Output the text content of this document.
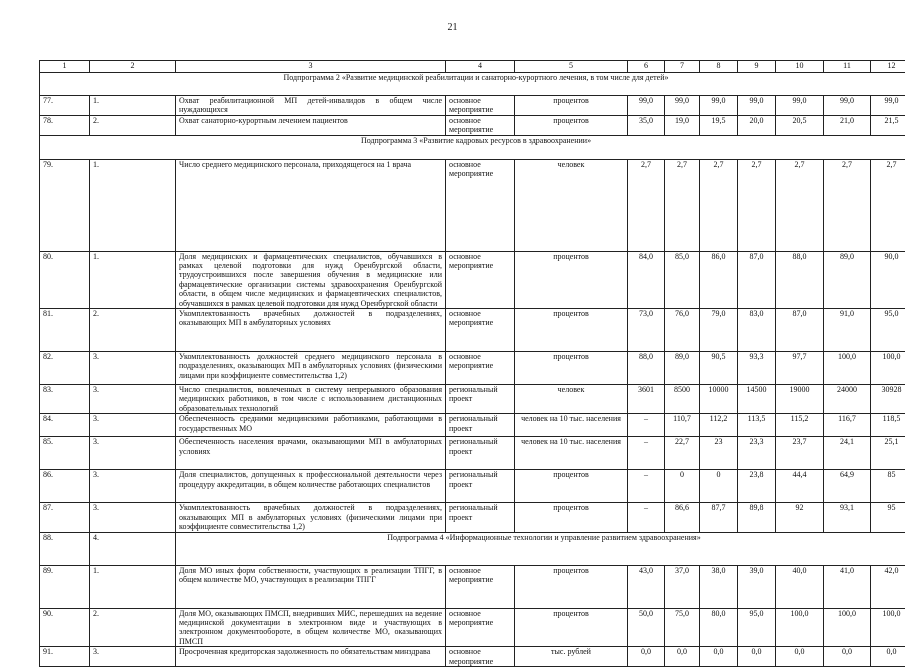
21
1	2	3	4	5	6	7	8	9	10	11	12
Подпрограмма 2 «Развитие медицинской реабилитации и санаторно-курортного лечения, в том числе для детей»											
77.	1.	Охват реабилитационной МП детей-инвалидов в общем числе нуждающихся	основное мероприятие	процентов	99,0	99,0	99,0	99,0	99,0	99,0	99,0
78.	2.	Охват санаторно-курортным лечением пациентов	основное мероприятие	процентов	35,0	19,0	19,5	20,0	20,5	21,0	21,5
Подпрограмма 3 «Развитие кадровых ресурсов в здравоохранении»											
79.	1.	Число среднего медицинского персонала, приходящегося на 1 врача	основное мероприятие	человек	2,7	2,7	2,7	2,7	2,7	2,7	2,7
80.	1.	Доля медицинских и фармацевтических специалистов, обучавшихся в рамках целевой подготовки для нужд Оренбургской области, трудоустроившихся после завершения обучения в медицинские или фармацевтические организации системы здравоохранения Оренбургской области, в общем числе медицинских и фармацевтических специалистов, обучавшихся в рамках целевой подготовки для нужд Оренбургской области	основное мероприятие	процентов	84,0	85,0	86,0	87,0	88,0	89,0	90,0
81.	2.	Укомплектованность врачебных должностей в подразделениях, оказывающих МП в амбулаторных условиях	основное мероприятие	процентов	73,0	76,0	79,0	83,0	87,0	91,0	95,0
82.	3.	Укомплектованность должностей среднего медицинского персонала в подразделениях, оказывающих МП в амбулаторных условиях (физическими лицами при коэффициенте совместительства 1,2)	основное мероприятие	процентов	88,0	89,0	90,5	93,3	97,7	100,0	100,0
83.	3.	Число специалистов, вовлеченных в систему непрерывного образования медицинских работников, в том числе с использованием дистанционных образовательных технологий	региональный проект	человек	3601	8500	10000	14500	19000	24000	30928
84.	3.	Обеспеченность средними медицинскими работниками, работающими в государственных МО	региональный проект	человек на 10 тыс. населения	–	110,7	112,2	113,5	115,2	116,7	118,5
85.	3.	Обеспеченность населения врачами, оказывающими МП в амбулаторных условиях	региональный проект	человек на 10 тыс. населения	–	22,7	23	23,3	23,7	24,1	25,1
86.	3.	Доля специалистов, допущенных к профессиональной деятельности через процедуру аккредитации, в общем количестве работающих специалистов	региональный проект	процентов	–	0	0	23,8	44,4	64,9	85
87.	3.	Укомплектованность врачебных должностей в подразделениях, оказывающих МП в амбулаторных условиях (физическими лицами при коэффициенте совместительства 1,2)	региональный проект	процентов	–	86,6	87,7	89,8	92	93,1	95
88.	4.	Подпрограмма 4 «Информационные технологии и управление развитием здравоохранения»									
89.	1.	Доля МО иных форм собственности, участвующих в реализации ТПГГ, в общем количестве МО, участвующих в реализации ТПГГ	основное мероприятие	процентов	43,0	37,0	38,0	39,0	40,0	41,0	42,0
90.	2.	Доля МО, оказывающих ПМСП, внедривших МИС, перешедших на ведение медицинской документации в электронном виде и участвующих в электронном документообороте, в общем количестве МО, оказывающих ПМСП	основное мероприятие	процентов	50,0	75,0	80,0	95,0	100,0	100,0	100,0
91.	3.	Просроченная кредиторская задолженность по обязательствам минздрава	основное мероприятие	тыс. рублей	0,0	0,0	0,0	0,0	0,0	0,0	0,0
